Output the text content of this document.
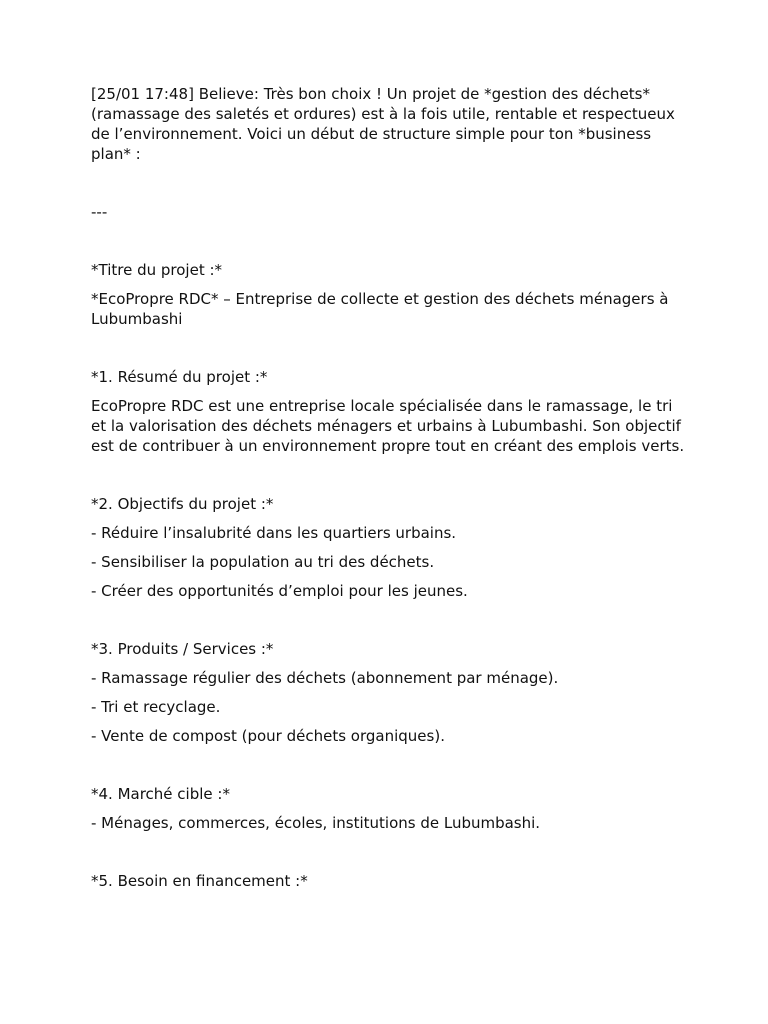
[25/01 17:48] Believe: Très bon choix ! Un projet de *gestion des déchets* (ramassage des saletés et ordures) est à la fois utile, rentable et respectueux de l’environnement. Voici un début de structure simple pour ton *business plan* :

---

*Titre du projet :*

*EcoPropre RDC* – Entreprise de collecte et gestion des déchets ménagers à Lubumbashi

*1. Résumé du projet :*

EcoPropre RDC est une entreprise locale spécialisée dans le ramassage, le tri et la valorisation des déchets ménagers et urbains à Lubumbashi. Son objectif est de contribuer à un environnement propre tout en créant des emplois verts.

*2. Objectifs du projet :*

- Réduire l’insalubrité dans les quartiers urbains.

- Sensibiliser la population au tri des déchets.

- Créer des opportunités d’emploi pour les jeunes.

*3. Produits / Services :*

- Ramassage régulier des déchets (abonnement par ménage).

- Tri et recyclage.

- Vente de compost (pour déchets organiques).

*4. Marché cible :*

- Ménages, commerces, écoles, institutions de Lubumbashi.

*5. Besoin en financement :*
